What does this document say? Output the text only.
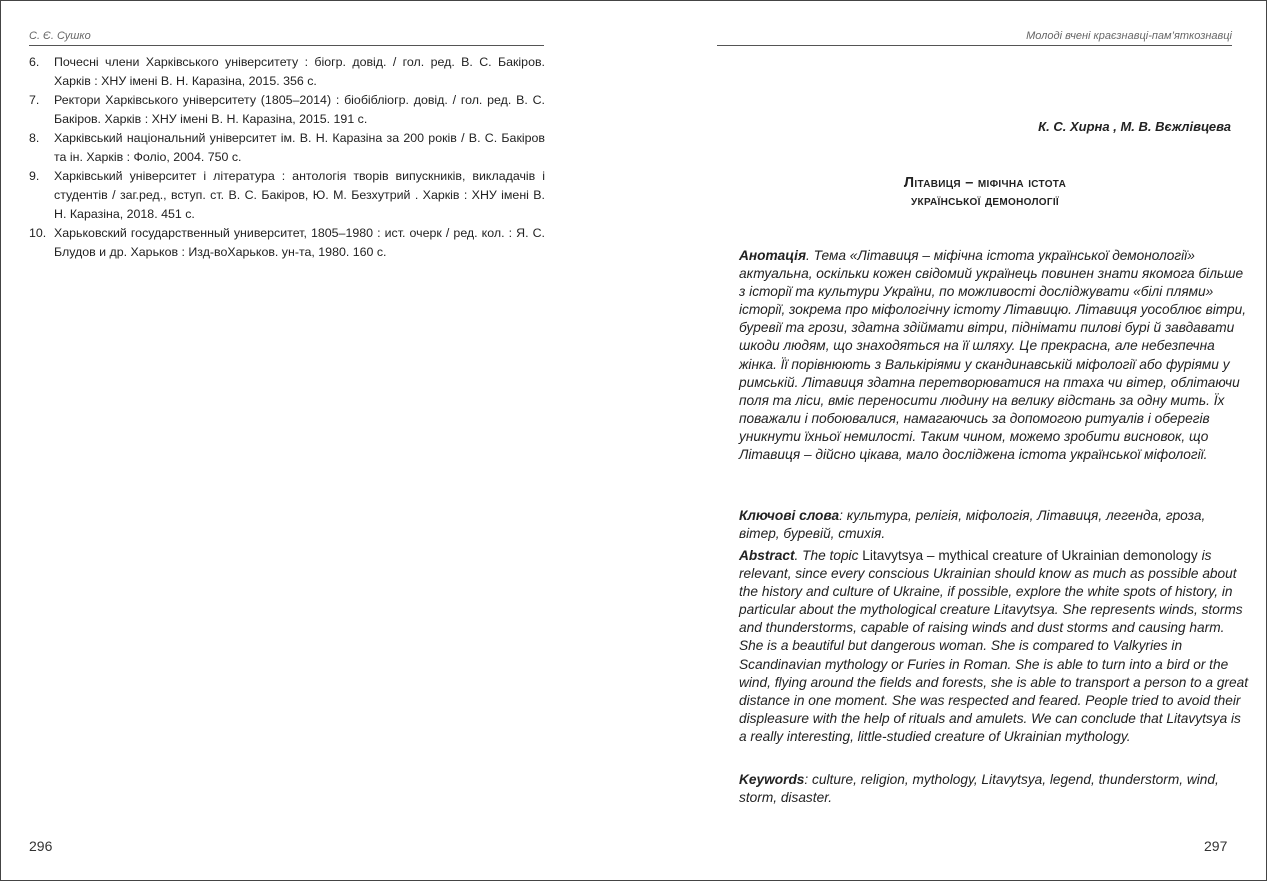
С. Є. Сушко
6. Почесні члени Харківського університету : біогр. довід. / гол. ред. В. С. Бакіров. Харків : ХНУ імені В. Н. Каразіна, 2015. 356 с.
7. Ректори Харківського університету (1805–2014) : біобібліогр. довід. / гол. ред. В. С. Бакіров. Харків : ХНУ імені В. Н. Каразіна, 2015. 191 с.
8. Харківський національний університет ім. В. Н. Каразіна за 200 років / В. С. Бакіров та ін. Харків : Фоліо, 2004. 750 с.
9. Харківський університет і література : антологія творів випускників, викладачів і студентів / заг.ред., вступ. ст. В. С. Бакіров, Ю. М. Безхутрий . Харків : ХНУ імені В. Н. Каразіна, 2018. 451 с.
10. Харьковский государственный университет, 1805–1980 : ист. очерк / ред. кол. : Я. С. Блудов и др. Харьков : Изд-воХарьков. ун-та, 1980. 160 с.
296
Молоді вчені краєзнавці-пам’яткознавці
К. С. Хирна , М. В. Вєжлівцева
Літавиця – міфічна істота
української демонології

Анотація. Тема «Літавиця – міфічна істота української демонології» актуальна, оскільки кожен свідомий українець повинен знати якомога більше з історії та культури України, по можливості досліджувати «білі плями» історії, зокрема про міфологічну істоту Літавицю. Літавиця уособлює вітри, буревії та грози, здатна здіймати вітри, піднімати пилові бурі й завдавати шкоди людям, що знаходяться на її шляху. Це прекрасна, але небезпечна жінка. Її порівнюють з Валькіріями у скандинавській міфології або фуріями у римській. Літавиця здатна перетворюватися на птаха чи вітер, облітаючи поля та ліси, вміє переносити людину на велику відстань за одну мить. Їх поважали і побоювалися, намагаючись за допомогою ритуалів і оберегів уникнути їхньої немилості. Таким чином, можемо зробити висновок, що Літавиця – дійсно цікава, мало досліджена істота української міфології.

Ключові слова: культура, релігія, міфологія, Літавиця, легенда, гроза, вітер, буревій, стихія.

Abstract. The topic Litavytsya – mythical creature of Ukrainian demonology is relevant, since every conscious Ukrainian should know as much as possible about the history and culture of Ukraine, if possible, explore the white spots of history, in particular about the mythological creature Litavytsya. She represents winds, storms and thunderstorms, capable of raising winds and dust storms and causing harm. She is a beautiful but dangerous woman. She is compared to Valkyries in Scandinavian mythology or Furies in Roman. She is able to turn into a bird or the wind, flying around the fields and forests, she is able to transport a person to a great distance in one moment. She was respected and feared. People tried to avoid their displeasure with the help of rituals and amulets. We can conclude that Litavytsya is a really interesting, little-studied creature of Ukrainian mythology.

Keywords: culture, religion, mythology, Litavytsya, legend, thunderstorm, wind, storm, disaster.

297
